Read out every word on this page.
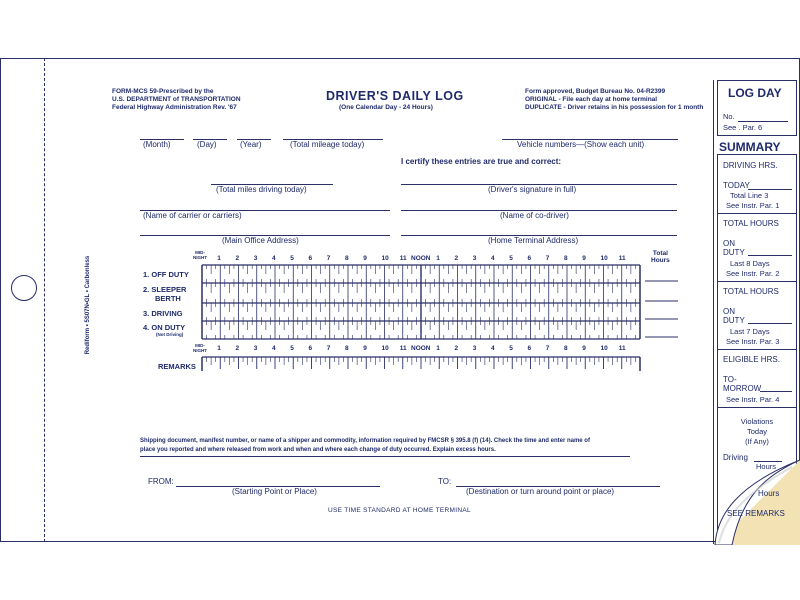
Rediform • 5S07N•GL • Carbonless
FORM-MCS 59-Prescribed by the
U.S. DEPARTMENT of TRANSPORTATION
Federal Highway Administration Rev. '67
DRIVER'S DAILY LOG
(One Calendar Day - 24 Hours)
Form approved, Budget Bureau No. 04-R2399
ORIGINAL - File each day at home terminal
DUPLICATE - Driver retains in his possession for 1 month
(Month)	(Day)	(Year)	(Total mileage today)	Vehicle numbers—(Show each unit)
I certify these entries are true and correct:
(Total miles driving today)	(Driver's signature in full)
(Name of carrier or carriers)	(Name of co-driver)
(Main Office Address)	(Home Terminal Address)
MID-
NIGHT 1 2 3 4 5 6 7 8 9 10 11	1 2 3 4 5 6 7 8 9 10 11
NOON
Total
Hours
1. OFF DUTY
2. SLEEPER
BERTH
3. DRIVING
4. ON DUTY
(Not Driving)
MID-
NIGHT 1 2 3 4 5 6 7 8 9 10 11	1 2 3 4 5 6 7 8 9 10 11
NOON
REMARKS
Shipping document, manifest number, or name of a shipper and commodity, information required by FMCSR § 395.8 (f) (14). Check the time and enter name of
place you reported and where released from work and when and where each change of duty occurred. Explain excess hours.
FROM:
(Starting Point or Place)
TO:
(Destination or turn around point or place)
USE TIME STANDARD AT HOME TERMINAL
LOG DAY
No.
See . Par. 6
SUMMARY
DRIVING HRS.
TODAY
Total Line 3
See Instr. Par. 1
TOTAL HOURS
ON
DUTY
Last 8 Days
See Instr. Par. 2
TOTAL HOURS
ON
DUTY
Last 7 Days
See Instr. Par. 3
ELIGIBLE HRS.
TO-
MORROW
See Instr. Par. 4
Violations
Today
(If Any)
Driving
Hours
Hours
SEE REMARKS
